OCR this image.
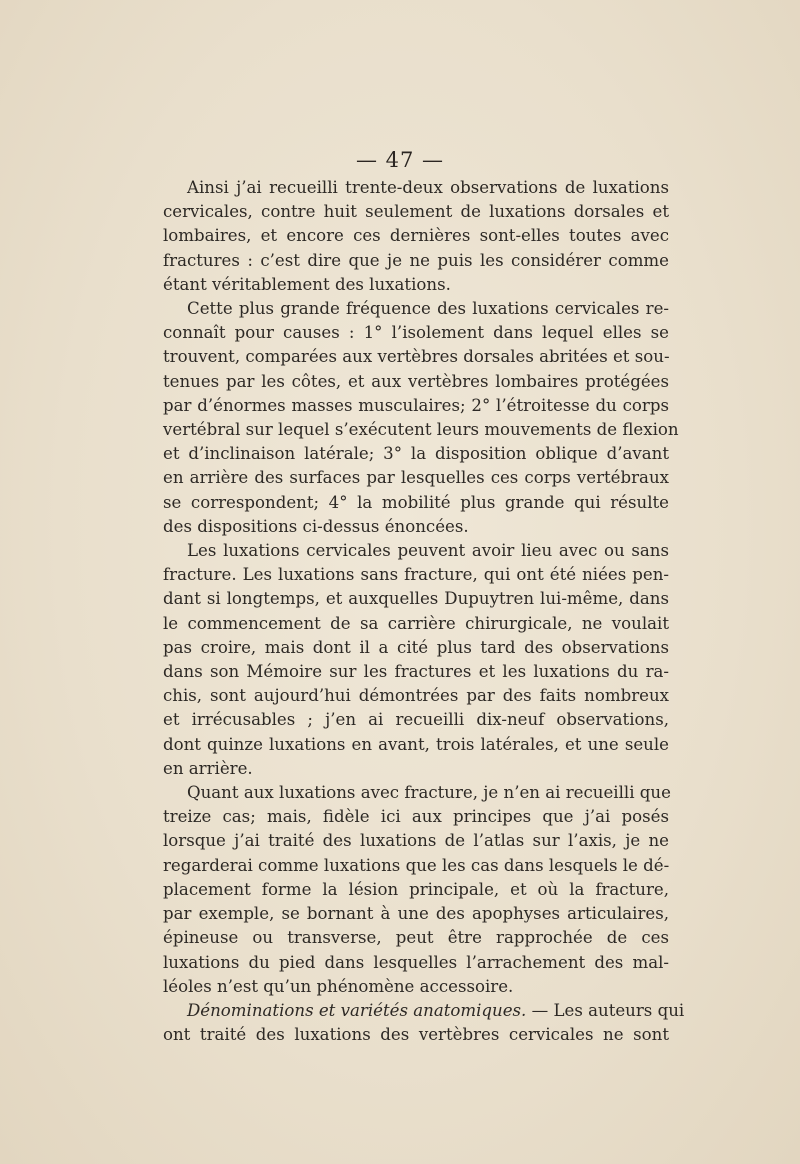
— 47 —
Ainsi j’ai recueilli trente-deux observations de luxations
cervicales, contre huit seulement de luxations dorsales et
lombaires, et encore ces dernières sont-elles toutes avec
fractures : c’est dire que je ne puis les considérer comme
étant véritablement des luxations.
Cette plus grande fréquence des luxations cervicales re-
connaît pour causes : 1° l’isolement dans lequel elles se
trouvent, comparées aux vertèbres dorsales abritées et sou-
tenues par les côtes, et aux vertèbres lombaires protégées
par d’énormes masses musculaires; 2° l’étroitesse du corps
vertébral sur lequel s’exécutent leurs mouvements de flexion
et d’inclinaison latérale; 3° la disposition oblique d’avant
en arrière des surfaces par lesquelles ces corps vertébraux
se correspondent; 4° la mobilité plus grande qui résulte
des dispositions ci-dessus énoncées.
Les luxations cervicales peuvent avoir lieu avec ou sans
fracture. Les luxations sans fracture, qui ont été niées pen-
dant si longtemps, et auxquelles Dupuytren lui-même, dans
le commencement de sa carrière chirurgicale, ne voulait
pas croire, mais dont il a cité plus tard des observations
dans son Mémoire sur les fractures et les luxations du ra-
chis, sont aujourd’hui démontrées par des faits nombreux
et irrécusables ; j’en ai recueilli dix-neuf observations,
dont quinze luxations en avant, trois latérales, et une seule
en arrière.
Quant aux luxations avec fracture, je n’en ai recueilli que
treize cas; mais, fidèle ici aux principes que j’ai posés
lorsque j’ai traité des luxations de l’atlas sur l’axis, je ne
regarderai comme luxations que les cas dans lesquels le dé-
placement forme la lésion principale, et où la fracture,
par exemple, se bornant à une des apophyses articulaires,
épineuse ou transverse, peut être rapprochée de ces
luxations du pied dans lesquelles l’arrachement des mal-
léoles n’est qu’un phénomène accessoire.
Dénominations et variétés anatomiques. — Les auteurs qui
ont traité des luxations des vertèbres cervicales ne sont
